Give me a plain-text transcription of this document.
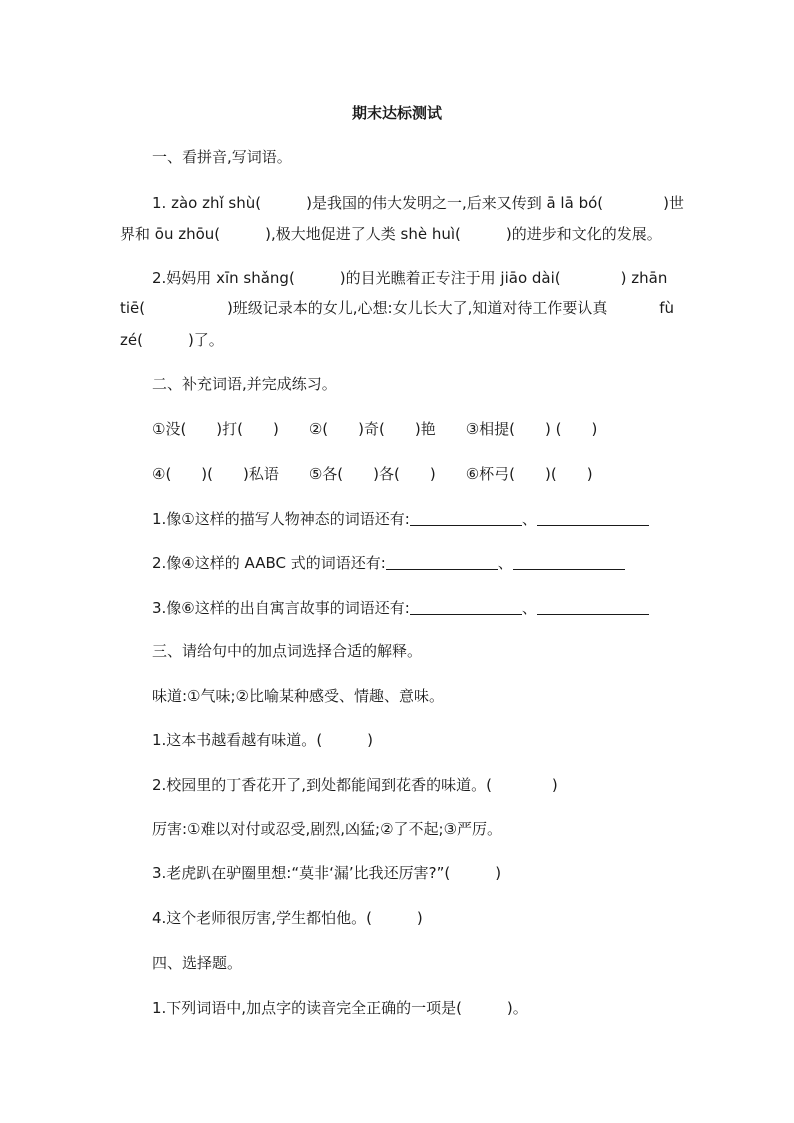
期末达标测试
一、看拼音,写词语。
1. zào zhǐ shù(　　　)是我国的伟大发明之一,后来又传到 ā lā bó(　　　　)世
界和 ōu zhōu(　　　),极大地促进了人类 shè huì(　　　)的进步和文化的发展。
2.妈妈用 xīn shǎng(　　　)的目光瞧着正专注于用 jiāo dài(　　　　) zhān
tiē(	　　)班级记录本的女儿,心想:女儿长大了,知道对待工作要认真	fù
zé(　　　)了。
二、补充词语,并完成练习。
①没(　　)打(　　)　　②(　　)奇(　　)艳　　③相提(　　) (　　)
④(　　)(　　)私语　　⑤各(　　)各(　　)　　⑥杯弓(　　)(　　)
1.像①这样的描写人物神态的词语还有:	、
2.像④这样的 AABC 式的词语还有:	、
3.像⑥这样的出自寓言故事的词语还有:	、
三、请给句中的加点词选择合适的解释。
味道:①气味;②比喻某种感受、情趣、意味。
1.这本书越看越有味道。(　　　)
2.校园里的丁香花开了,到处都能闻到花香的味道。(　　　　)
厉害:①难以对付或忍受,剧烈,凶猛;②了不起;③严厉。
3.老虎趴在驴圈里想:“莫非‘漏’比我还厉害?”(　　　)
4.这个老师很厉害,学生都怕他。(　　　)
四、选择题。
1.下列词语中,加点字的读音完全正确的一项是(　　　)。
